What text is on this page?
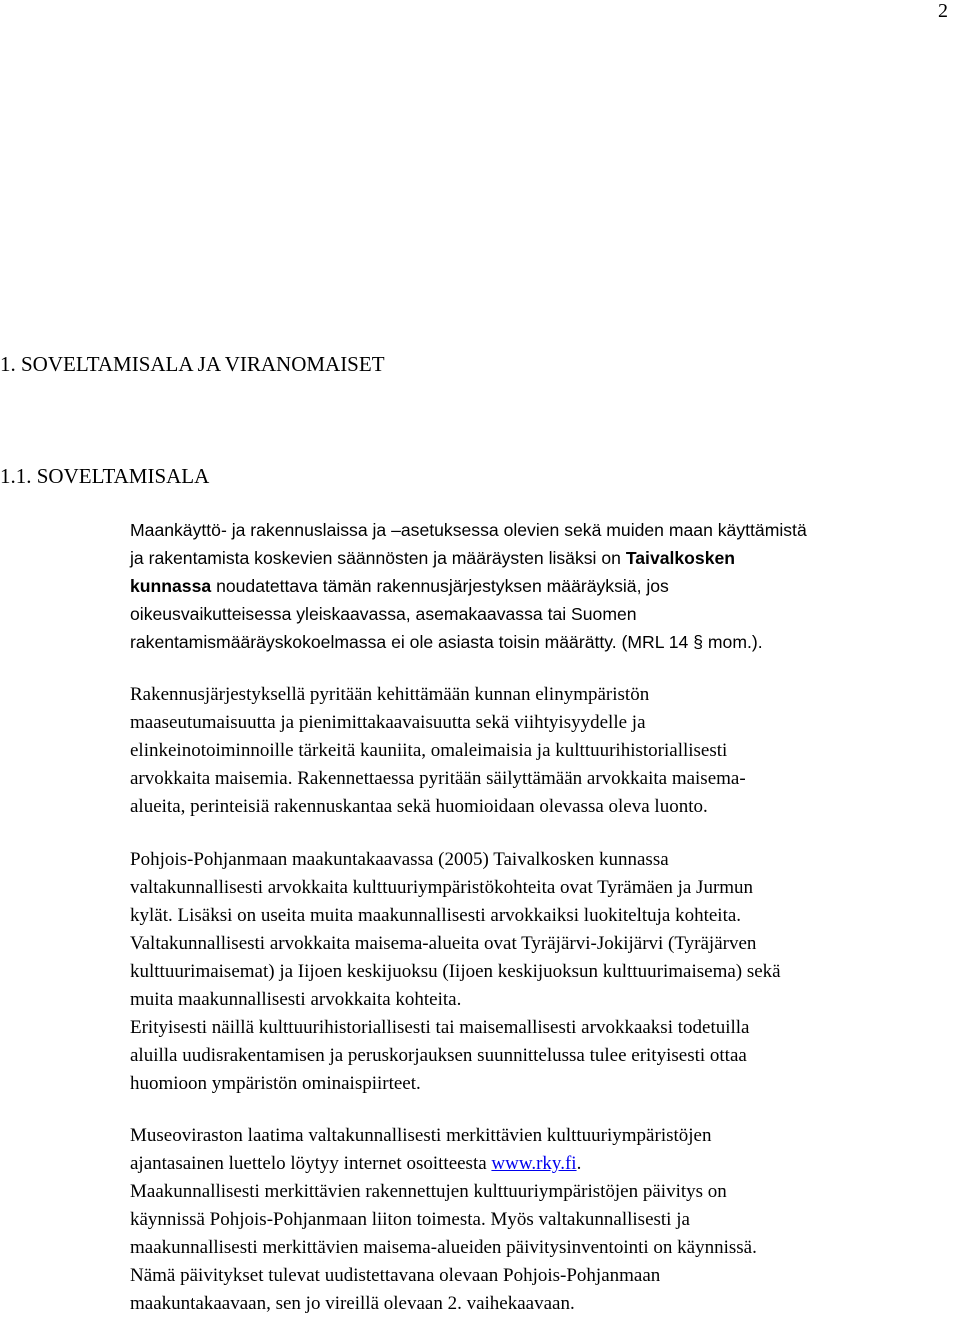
2
1. SOVELTAMISALA JA VIRANOMAISET
1.1. SOVELTAMISALA
Maankäyttö- ja rakennuslaissa ja –asetuksessa olevien sekä muiden maan käyttämistä
ja rakentamista koskevien säännösten ja määräysten lisäksi on Taivalkosken
kunnassa noudatettava tämän rakennusjärjestyksen määräyksiä, jos
oikeusvaikutteisessa yleiskaavassa, asemakaavassa tai Suomen
rakentamismääräyskokoelmassa ei ole asiasta toisin määrätty. (MRL 14 § mom.).
Rakennusjärjestyksellä pyritään kehittämään kunnan elinympäristön
maaseutumaisuutta ja pienimittakaavaisuutta sekä viihtyisyydelle ja
elinkeinotoiminnoille tärkeitä kauniita, omaleimaisia ja kulttuurihistoriallisesti
arvokkaita maisemia. Rakennettaessa pyritään säilyttämään arvokkaita maisema-
alueita, perinteisiä rakennuskantaa sekä huomioidaan olevassa oleva luonto.
Pohjois-Pohjanmaan maakuntakaavassa (2005) Taivalkosken kunnassa
valtakunnallisesti arvokkaita kulttuuriympäristökohteita ovat Tyrämäen ja Jurmun
kylät. Lisäksi on useita muita maakunnallisesti arvokkaiksi luokiteltuja kohteita.
Valtakunnallisesti arvokkaita maisema-alueita ovat Tyräjärvi-Jokijärvi (Tyräjärven
kulttuurimaisemat) ja Iijoen keskijuoksu (Iijoen keskijuoksun kulttuurimaisema) sekä
muita maakunnallisesti arvokkaita kohteita.
Erityisesti näillä kulttuurihistoriallisesti tai maisemallisesti arvokkaaksi todetuilla
aluilla uudisrakentamisen ja peruskorjauksen suunnittelussa tulee erityisesti ottaa
huomioon ympäristön ominaispiirteet.
Museoviraston laatima valtakunnallisesti merkittävien kulttuuriympäristöjen
ajantasainen luettelo löytyy internet osoitteesta www.rky.fi.
Maakunnallisesti merkittävien rakennettujen kulttuuriympäristöjen päivitys on
käynnissä Pohjois-Pohjanmaan liiton toimesta. Myös valtakunnallisesti ja
maakunnallisesti merkittävien maisema-alueiden päivitysinventointi on käynnissä.
Nämä päivitykset tulevat uudistettavana olevaan Pohjois-Pohjanmaan
maakuntakaavaan, sen jo vireillä olevaan 2. vaihekaavaan.
